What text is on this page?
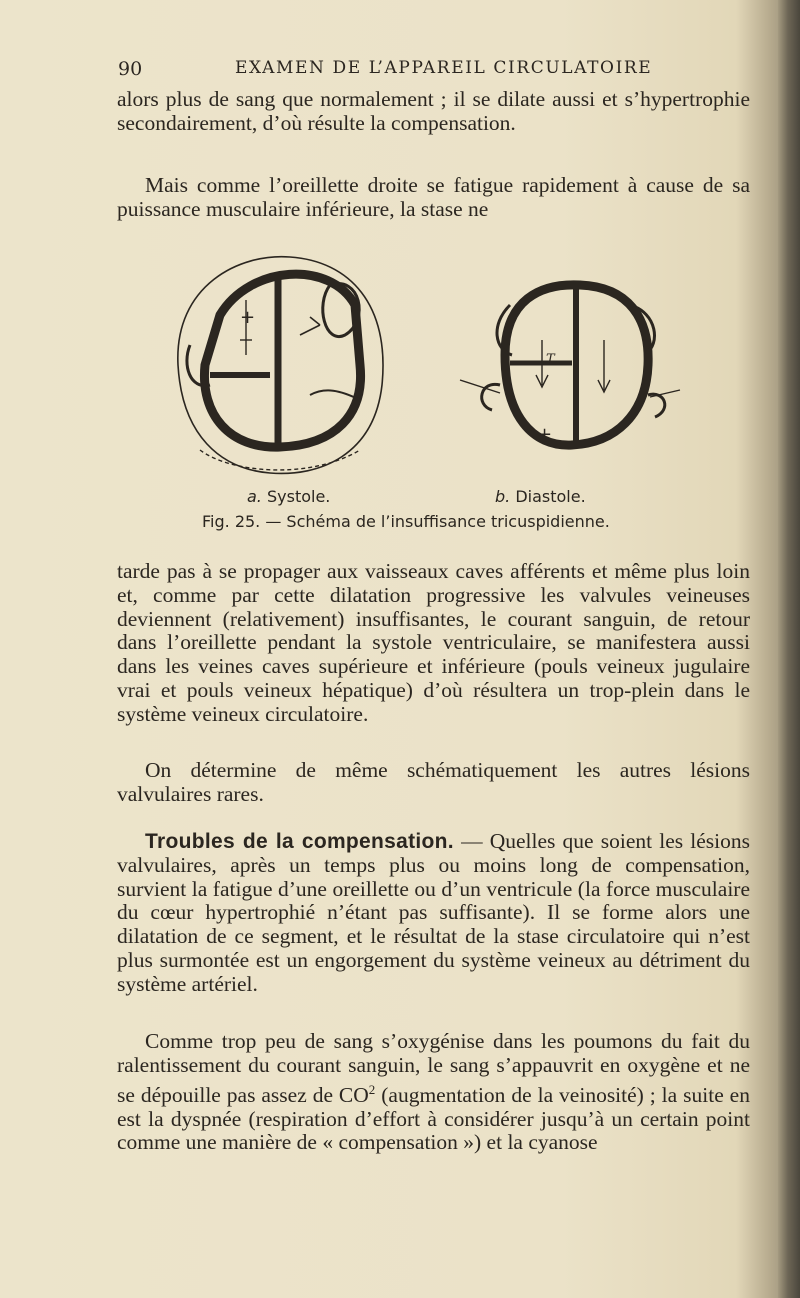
90	EXAMEN DE L’APPAREIL CIRCULATOIRE

alors plus de sang que normalement ; il se dilate aussi et s’hypertrophie secondairement, d’où résulte la compensation.

Mais comme l’oreillette droite se fatigue rapidement à cause de sa puissance musculaire inférieure, la stase ne

+
+
T
a. Systole.	b. Diastole.
Fig. 25. — Schéma de l’insuffisance tricuspidienne.

tarde pas à se propager aux vaisseaux caves afférents et même plus loin et, comme par cette dilatation progressive les valvules veineuses deviennent (relativement) insuffisantes, le courant sanguin, de retour dans l’oreillette pendant la systole ventriculaire, se manifestera aussi dans les veines caves supérieure et inférieure (pouls veineux jugulaire vrai et pouls veineux hépatique) d’où résultera un trop-plein dans le système veineux circulatoire.

On détermine de même schématiquement les autres lésions valvulaires rares.

Troubles de la compensation. — Quelles que soient les lésions valvulaires, après un temps plus ou moins long de compensation, survient la fatigue d’une oreillette ou d’un ventricule (la force musculaire du cœur hypertrophié n’étant pas suffisante). Il se forme alors une dilatation de ce segment, et le résultat de la stase circulatoire qui n’est plus surmontée est un engorgement du système veineux au détriment du système artériel.

Comme trop peu de sang s’oxygénise dans les poumons du fait du ralentissement du courant sanguin, le sang s’appauvrit en oxygène et ne se dépouille pas assez de $CO^2$ (augmentation de la veinosité) ; la suite en est la dyspnée (respiration d’effort à considérer jusqu’à un certain point comme une manière de « compensation ») et la cyanose
